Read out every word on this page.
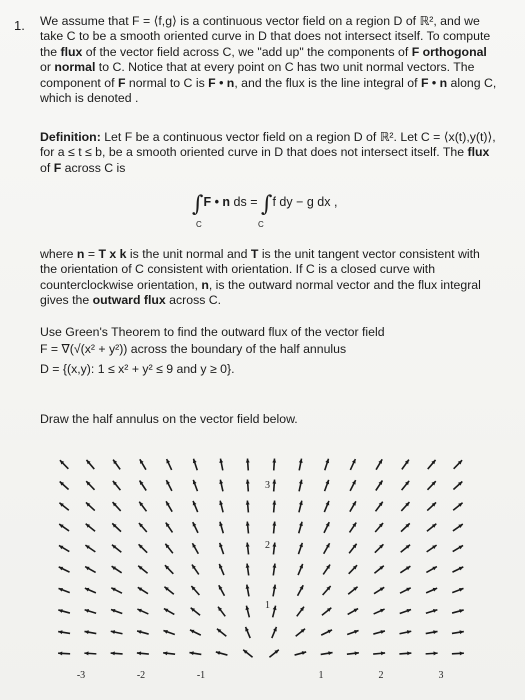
1. We assume that F = ⟨f,g⟩ is a continuous vector field on a region D of ℝ², and we take C to be a smooth oriented curve in D that does not intersect itself. To compute the flux of the vector field across C, we "add up" the components of F orthogonal or normal to C. Notice that at every point on C has two unit normal vectors. The component of F normal to C is F • n, and the flux is the line integral of F • n along C, which is denoted .
Definition: Let F be a continuous vector field on a region D of ℝ². Let C = ⟨x(t),y(t)⟩, for a ≤ t ≤ b, be a smooth oriented curve in D that does not intersect itself. The flux of F across C is
∫F • n ds = ∫f dy − g dx ,
C	C
where n = T x k is the unit normal and T is the unit tangent vector consistent with the orientation of C consistent with orientation. If C is a closed curve with counterclockwise orientation, n, is the outward normal vector and the flux integral gives the outward flux across C.
Use Green's Theorem to find the outward flux of the vector field
F = ∇(√(x² + y²)) across the boundary of the half annulus
D = {(x,y): 1 ≤ x² + y² ≤ 9 and y ≥ 0}.
Draw the half annulus on the vector field below.
-3	-2	-1	1	2	3
1
2
3
